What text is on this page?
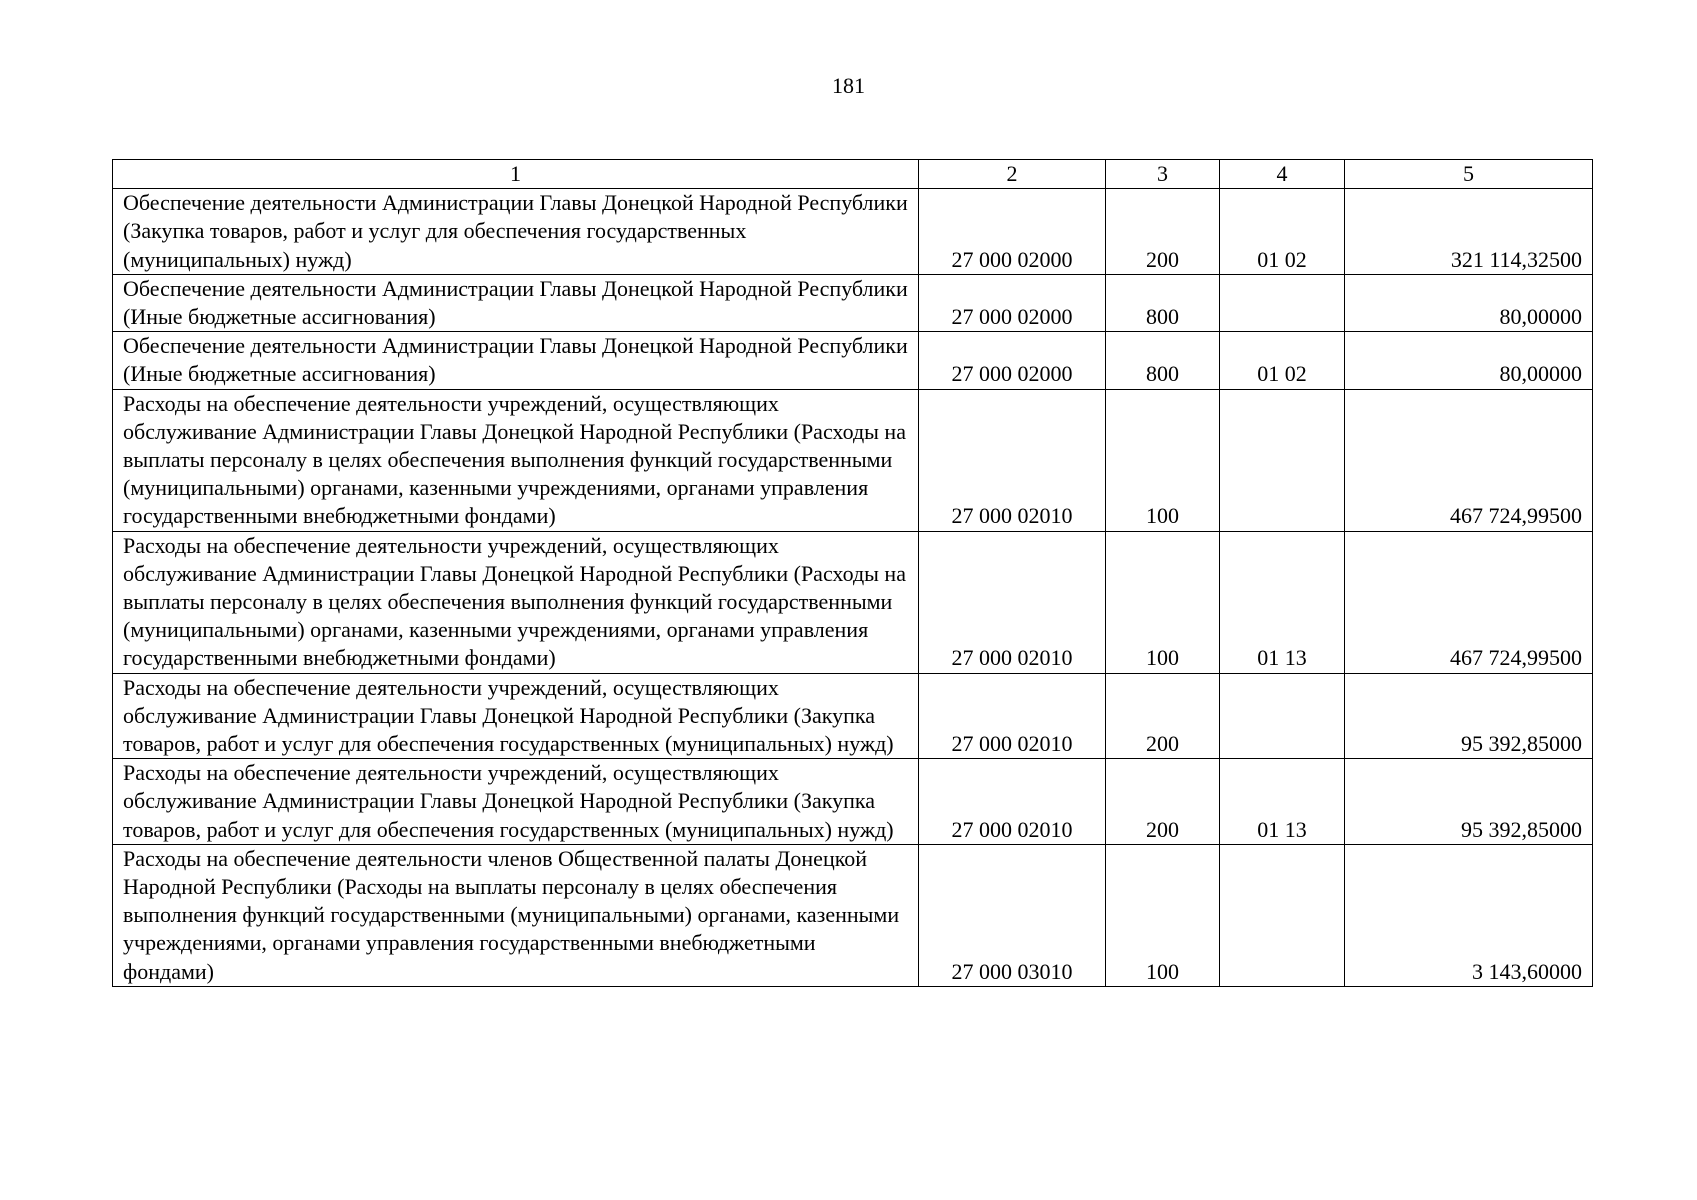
181
1	2	3	4	5
Обеспечение деятельности Администрации Главы Донецкой Народной Республики (Закупка товаров, работ и услуг для обеспечения государственных (муниципальных) нужд)	27 000 02000	200	01 02	321 114,32500
Обеспечение деятельности Администрации Главы Донецкой Народной Республики (Иные бюджетные ассигнования)	27 000 02000	800		80,00000
Обеспечение деятельности Администрации Главы Донецкой Народной Республики (Иные бюджетные ассигнования)	27 000 02000	800	01 02	80,00000
Расходы на обеспечение деятельности учреждений, осуществляющих обслуживание Администрации Главы Донецкой Народной Республики (Расходы на выплаты персоналу в целях обеспечения выполнения функций государственными (муниципальными) органами, казенными учреждениями, органами управления государственными внебюджетными фондами)	27 000 02010	100		467 724,99500
Расходы на обеспечение деятельности учреждений, осуществляющих обслуживание Администрации Главы Донецкой Народной Республики (Расходы на выплаты персоналу в целях обеспечения выполнения функций государственными (муниципальными) органами, казенными учреждениями, органами управления государственными внебюджетными фондами)	27 000 02010	100	01 13	467 724,99500
Расходы на обеспечение деятельности учреждений, осуществляющих обслуживание Администрации Главы Донецкой Народной Республики (Закупка товаров, работ и услуг для обеспечения государственных (муниципальных) нужд)	27 000 02010	200		95 392,85000
Расходы на обеспечение деятельности учреждений, осуществляющих обслуживание Администрации Главы Донецкой Народной Республики (Закупка товаров, работ и услуг для обеспечения государственных (муниципальных) нужд)	27 000 02010	200	01 13	95 392,85000
Расходы на обеспечение деятельности членов Общественной палаты Донецкой Народной Республики (Расходы на выплаты персоналу в целях обеспечения выполнения функций государственными (муниципальными) органами, казенными учреждениями, органами управления государственными внебюджетными фондами)	27 000 03010	100		3 143,60000
